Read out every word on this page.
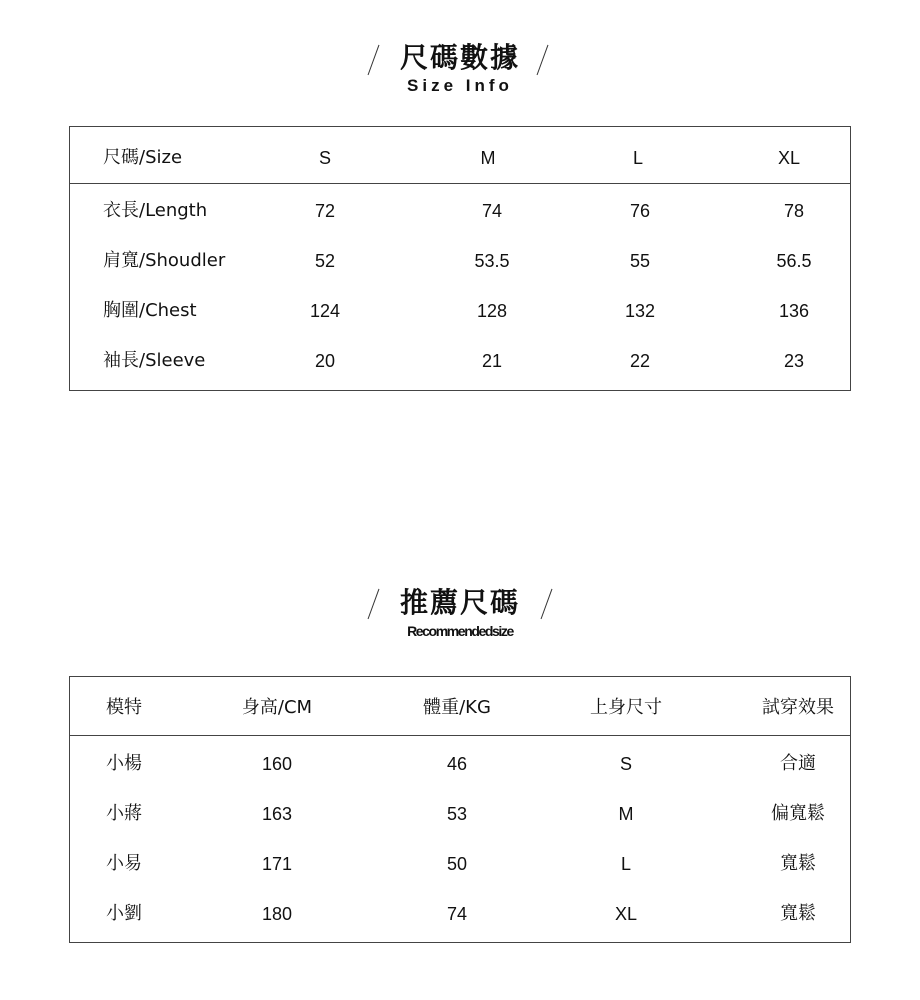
尺碼數據
Size Info
尺碼/Size	S	M	L	XL
衣長/Length	72	74	76	78
肩寬/Shoudler	52	53.5	55	56.5
胸圍/Chest	124	128	132	136
袖長/Sleeve	20	21	22	23
推薦尺碼
Recommendedsize
模特	身高/CM	體重/KG	上身尺寸	試穿效果
小楊	160	46	S	合適
小蔣	163	53	M	偏寬鬆
小易	171	50	L	寬鬆
小劉	180	74	XL	寬鬆
